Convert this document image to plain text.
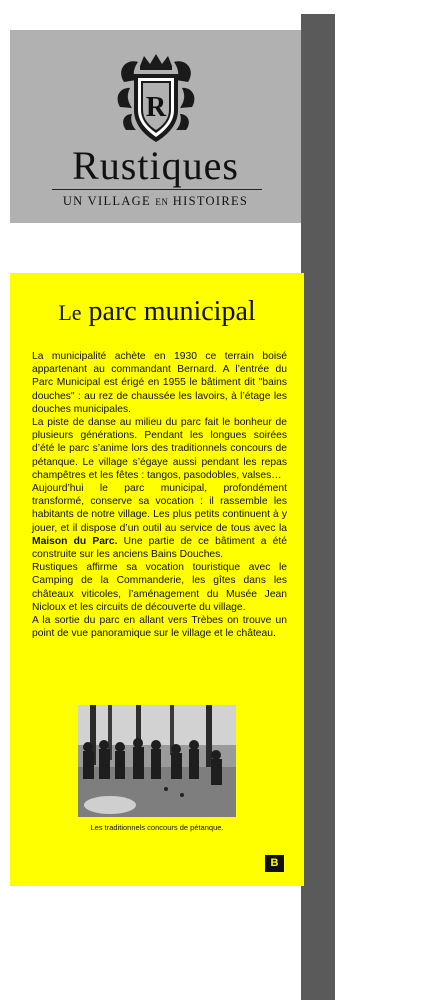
R
Rustiques
UN VILLAGE EN HISTOIRES
Le parc municipal

La municipalité achète en 1930 ce terrain boisé appartenant au commandant Bernard. A l’entrée du Parc Municipal est érigé en 1955 le bâtiment dit "bains douches" : au rez de chaussée les lavoirs, à l’étage les douches municipales.

La piste de danse au milieu du parc fait le bonheur de plusieurs générations. Pendant les longues soirées d’été le parc s’anime lors des traditionnels concours de pétanque. Le village s’égaye aussi pendant les repas champêtres et les fêtes : tangos, pasodobles, valses…

Aujourd’hui le parc municipal, profondément transformé, conserve sa vocation : il rassemble les habitants de notre village. Les plus petits continuent à y jouer, et il dispose d’un outil au service de tous avec la Maison du Parc. Une partie de ce bâtiment a été construite sur les anciens Bains Douches.

Rustiques affirme sa vocation touristique avec le Camping de la Commanderie, les gîtes dans les châteaux viticoles, l’aménagement du Musée Jean Nicloux et les circuits de découverte du village.

A la sortie du parc en allant vers Trèbes on trouve un point de vue panoramique sur le village et le château.

Les traditionnels concours de pétanque.
B
